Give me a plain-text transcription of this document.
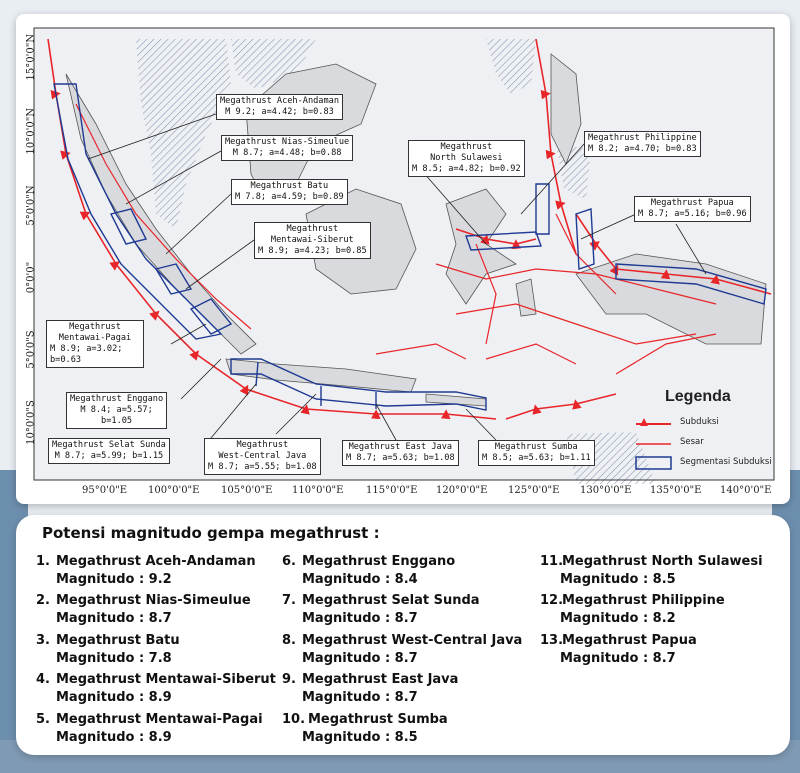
15°0'0"N
10°0'0"N
5°0'0"N
0°0'0"
5°0'0"S
10°0'0"S
95°0'0"E 100°0'0"E 105°0'0"E 110°0'0"E 115°0'0"E 120°0'0"E 125°0'0"E 130°0'0"E 135°0'0"E 140°0'0"E
Megathrust Aceh-Andaman
M 9.2; a=4.42; b=0.83
Megathrust Nias-Simeulue
M 8.7; a=4.48; b=0.88
Megathrust Batu
M 7.8; a=4.59; b=0.89
Megathrust
Mentawai-Siberut
M 8.9; a=4.23; b=0.85
Megathrust
North Sulawesi
M 8.5; a=4.82; b=0.92
Megathrust Philippine
M 8.2; a=4.70; b=0.83
Megathrust Papua
M 8.7; a=5.16; b=0.96
Megathrust
Mentawai-Pagai
M 8.9; a=3.02;
b=0.63
Megathrust Enggano
M 8.4; a=5.57;
b=1.05
Megathrust Selat Sunda
M 8.7; a=5.99; b=1.15
Megathrust
West-Central Java
M 8.7; a=5.55; b=1.08
Megathrust East Java
M 8.7; a=5.63; b=1.08
Megathrust Sumba
M 8.5; a=5.63; b=1.11
Legenda
Subduksi
Sesar
Segmentasi Subduksi
Potensi magnitudo gempa megathrust :
1. Megathrust Aceh-Andaman
Magnitudo : 9.2
2. Megathrust Nias-Simeulue
Magnitudo : 8.7
3. Megathrust Batu
Magnitudo : 7.8
4. Megathrust Mentawai-Siberut
Magnitudo : 8.9
5. Megathrust Mentawai-Pagai
Magnitudo : 8.9
6. Megathrust Enggano
Magnitudo : 8.4
7. Megathrust Selat Sunda
Magnitudo : 8.7
8. Megathrust West-Central Java
Magnitudo : 8.7
9. Megathrust East Java
Magnitudo : 8.7
10. Megathrust Sumba
Magnitudo : 8.5
11.Megathrust North Sulawesi
Magnitudo : 8.5
12.Megathrust Philippine
Magnitudo : 8.2
13.Megathrust Papua
Magnitudo : 8.7
